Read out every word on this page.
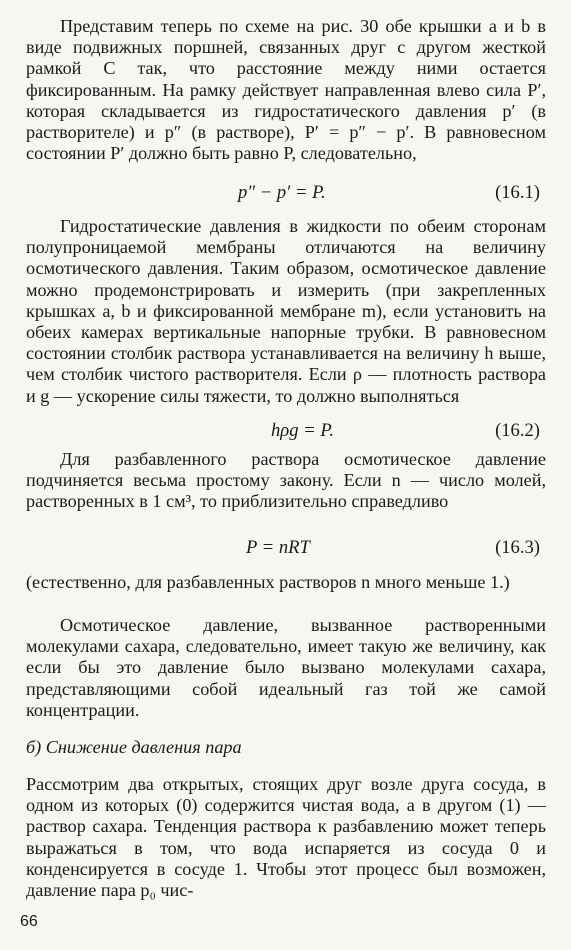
Представим теперь по схеме на рис. 30 обе крышки a и b в виде подвижных поршней, связанных друг с другом жесткой рамкой C так, что расстояние между ними остается фиксированным. На рамку действует направленная влево сила P′, которая складывается из гидростатического давления p′ (в растворителе) и p″ (в растворе), P′ = p″ − p′. В равновесном состоянии P′ должно быть равно P, следовательно,

p″ − p′ = P.	(16.1)

Гидростатические давления в жидкости по обеим сторонам полупроницаемой мембраны отличаются на величину осмотического давления. Таким образом, осмотическое давление можно продемонстрировать и измерить (при закрепленных крышках a, b и фиксированной мембране m), если установить на обеих камерах вертикальные напорные трубки. В равновесном состоянии столбик раствора устанавливается на величину h выше, чем столбик чистого растворителя. Если ρ — плотность раствора и g — ускорение силы тяжести, то должно выполняться

hρg = P.	(16.2)

Для разбавленного раствора осмотическое давление подчиняется весьма простому закону. Если n — число молей, растворенных в 1 см³, то приблизительно справедливо

P = nRT	(16.3)

(естественно, для разбавленных растворов n много меньше 1.)

Осмотическое давление, вызванное растворенными молекулами сахара, следовательно, имеет такую же величину, как если бы это давление было вызвано молекулами сахара, представляющими собой идеальный газ той же самой концентрации.

б) Снижение давления пара

Рассмотрим два открытых, стоящих друг возле друга сосуда, в одном из которых (0) содержится чистая вода, а в другом (1) — раствор сахара. Тенденция раствора к разбавлению может теперь выражаться в том, что вода испаряется из сосуда 0 и конденсируется в сосуде 1. Чтобы этот процесс был возможен, давление пара p₀ чис-

66
